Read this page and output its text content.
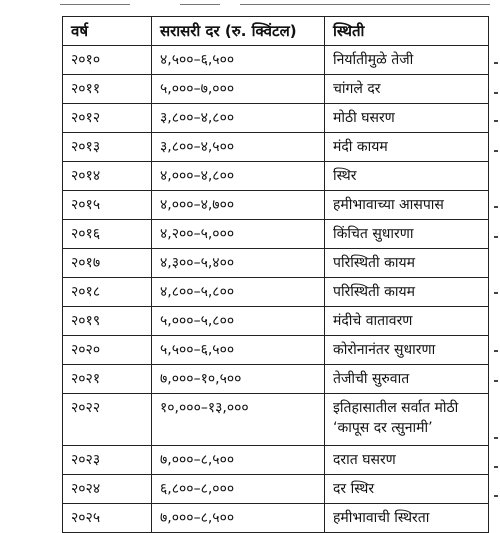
वर्ष	सरासरी दर (रु. क्विंटल)	स्थिती
२०१०	४,५००–६,५००	निर्यातीमुळे तेजी
२०११	५,०००–७,०००	चांगले दर
२०१२	३,८००–४,८००	मोठी घसरण
२०१३	३,८००–४,५००	मंदी कायम
२०१४	४,०००–४,८००	स्थिर
२०१५	४,०००–४,७००	हमीभावाच्या आसपास
२०१६	४,२००–५,०००	किंचित सुधारणा
२०१७	४,३००–५,४००	परिस्थिती कायम
२०१८	४,८००–५,८००	परिस्थिती कायम
२०१९	५,०००–५,८००	मंदीचे वातावरण
२०२०	५,५००–६,५००	कोरोनानंतर सुधारणा
२०२१	७,०००–१०,५००	तेजीची सुरुवात
२०२२	१०,०००–१३,०००	इतिहासातील सर्वात मोठी
‘कापूस दर त्सुनामी’

२०२३	७,०००–८,५००	दरात घसरण
२०२४	६,८००–८,०००	दर स्थिर
२०२५	७,०००–८,५००	हमीभावाची स्थिरता
